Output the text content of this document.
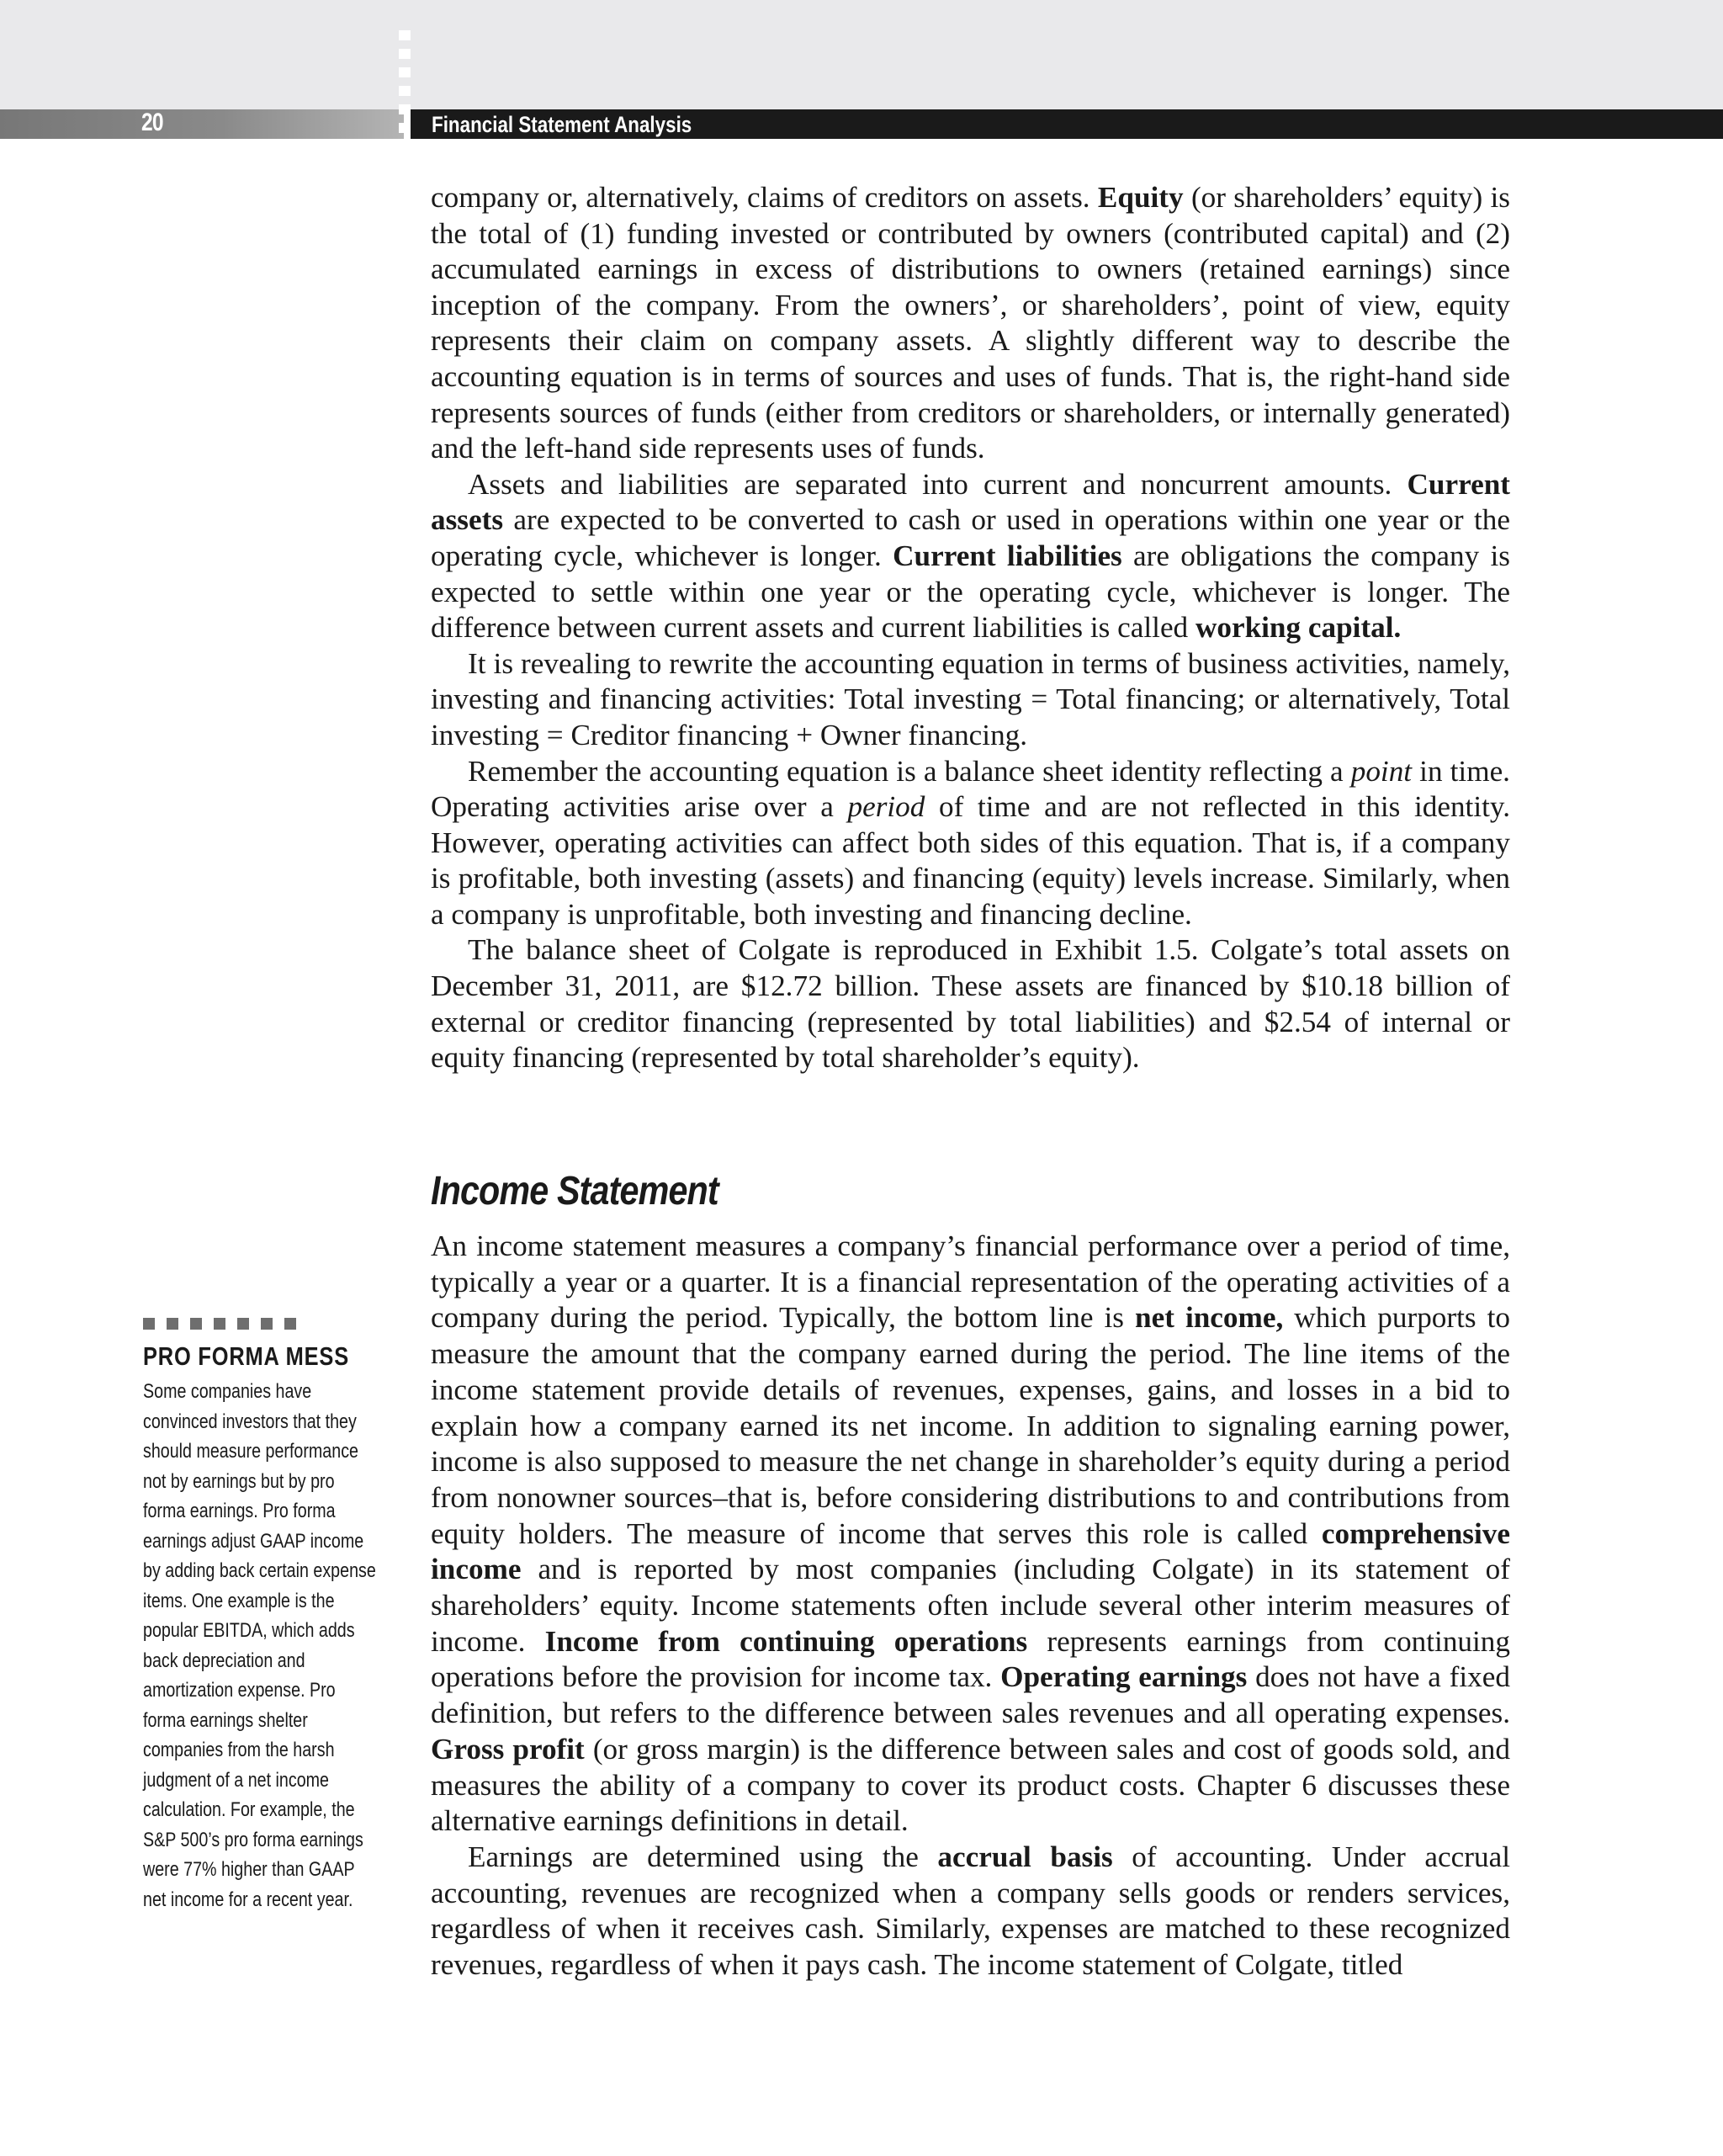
20	Financial Statement Analysis

company or, alternatively, claims of creditors on assets. Equity (or shareholders’ equity) is the total of (1) funding invested or contributed by owners (contributed capital) and (2) accumulated earnings in excess of distributions to owners (retained earnings) since inception of the company. From the owners’, or shareholders’, point of view, equity represents their claim on company assets. A slightly different way to describe the accounting equation is in terms of sources and uses of funds. That is, the right-hand side represents sources of funds (either from creditors or shareholders, or internally generated) and the left-hand side represents uses of funds.

Assets and liabilities are separated into current and noncurrent amounts. Current assets are expected to be converted to cash or used in operations within one year or the operating cycle, whichever is longer. Current liabilities are obligations the company is expected to settle within one year or the operating cycle, whichever is longer. The difference between current assets and current liabilities is called working capital.

It is revealing to rewrite the accounting equation in terms of business activities, namely, investing and financing activities: Total investing = Total financing; or alternatively, Total investing = Creditor financing + Owner financing.

Remember the accounting equation is a balance sheet identity reflecting a point in time. Operating activities arise over a period of time and are not reflected in this identity. However, operating activities can affect both sides of this equation. That is, if a company is profitable, both investing (assets) and financing (equity) levels increase. Similarly, when a company is unprofitable, both investing and financing decline.

The balance sheet of Colgate is reproduced in Exhibit 1.5. Colgate’s total assets on December 31, 2011, are $12.72 billion. These assets are financed by $10.18 billion of external or creditor financing (represented by total liabilities) and $2.54 of internal or equity financing (represented by total shareholder’s equity).

Income Statement

An income statement measures a company’s financial performance over a period of time, typically a year or a quarter. It is a financial representation of the operating activities of a company during the period. Typically, the bottom line is net income, which purports to measure the amount that the company earned during the period. The line items of the income statement provide details of revenues, expenses, gains, and losses in a bid to explain how a company earned its net income. In addition to signaling earning power, income is also supposed to measure the net change in shareholder’s equity during a period from nonowner sources–that is, before considering distributions to and contributions from equity holders. The measure of income that serves this role is called comprehensive income and is reported by most companies (including Colgate) in its statement of shareholders’ equity. Income statements often include several other interim measures of income. Income from continuing operations represents earnings from continuing operations before the provision for income tax. Operating earnings does not have a fixed definition, but refers to the difference between sales revenues and all operating expenses. Gross profit (or gross margin) is the difference between sales and cost of goods sold, and measures the ability of a company to cover its product costs. Chapter 6 discusses these alternative earnings definitions in detail.

Earnings are determined using the accrual basis of accounting. Under accrual accounting, revenues are recognized when a company sells goods or renders services, regardless of when it receives cash. Similarly, expenses are matched to these recognized revenues, regardless of when it pays cash. The income statement of Colgate, titled

PRO FORMA MESS

Some companies have convinced investors that they should measure performance not by earnings but by pro forma earnings. Pro forma earnings adjust GAAP income by adding back certain expense items. One example is the popular EBITDA, which adds back depreciation and amortization expense. Pro forma earnings shelter companies from the harsh judgment of a net income calculation. For example, the S&P 500’s pro forma earnings were 77% higher than GAAP net income for a recent year.
